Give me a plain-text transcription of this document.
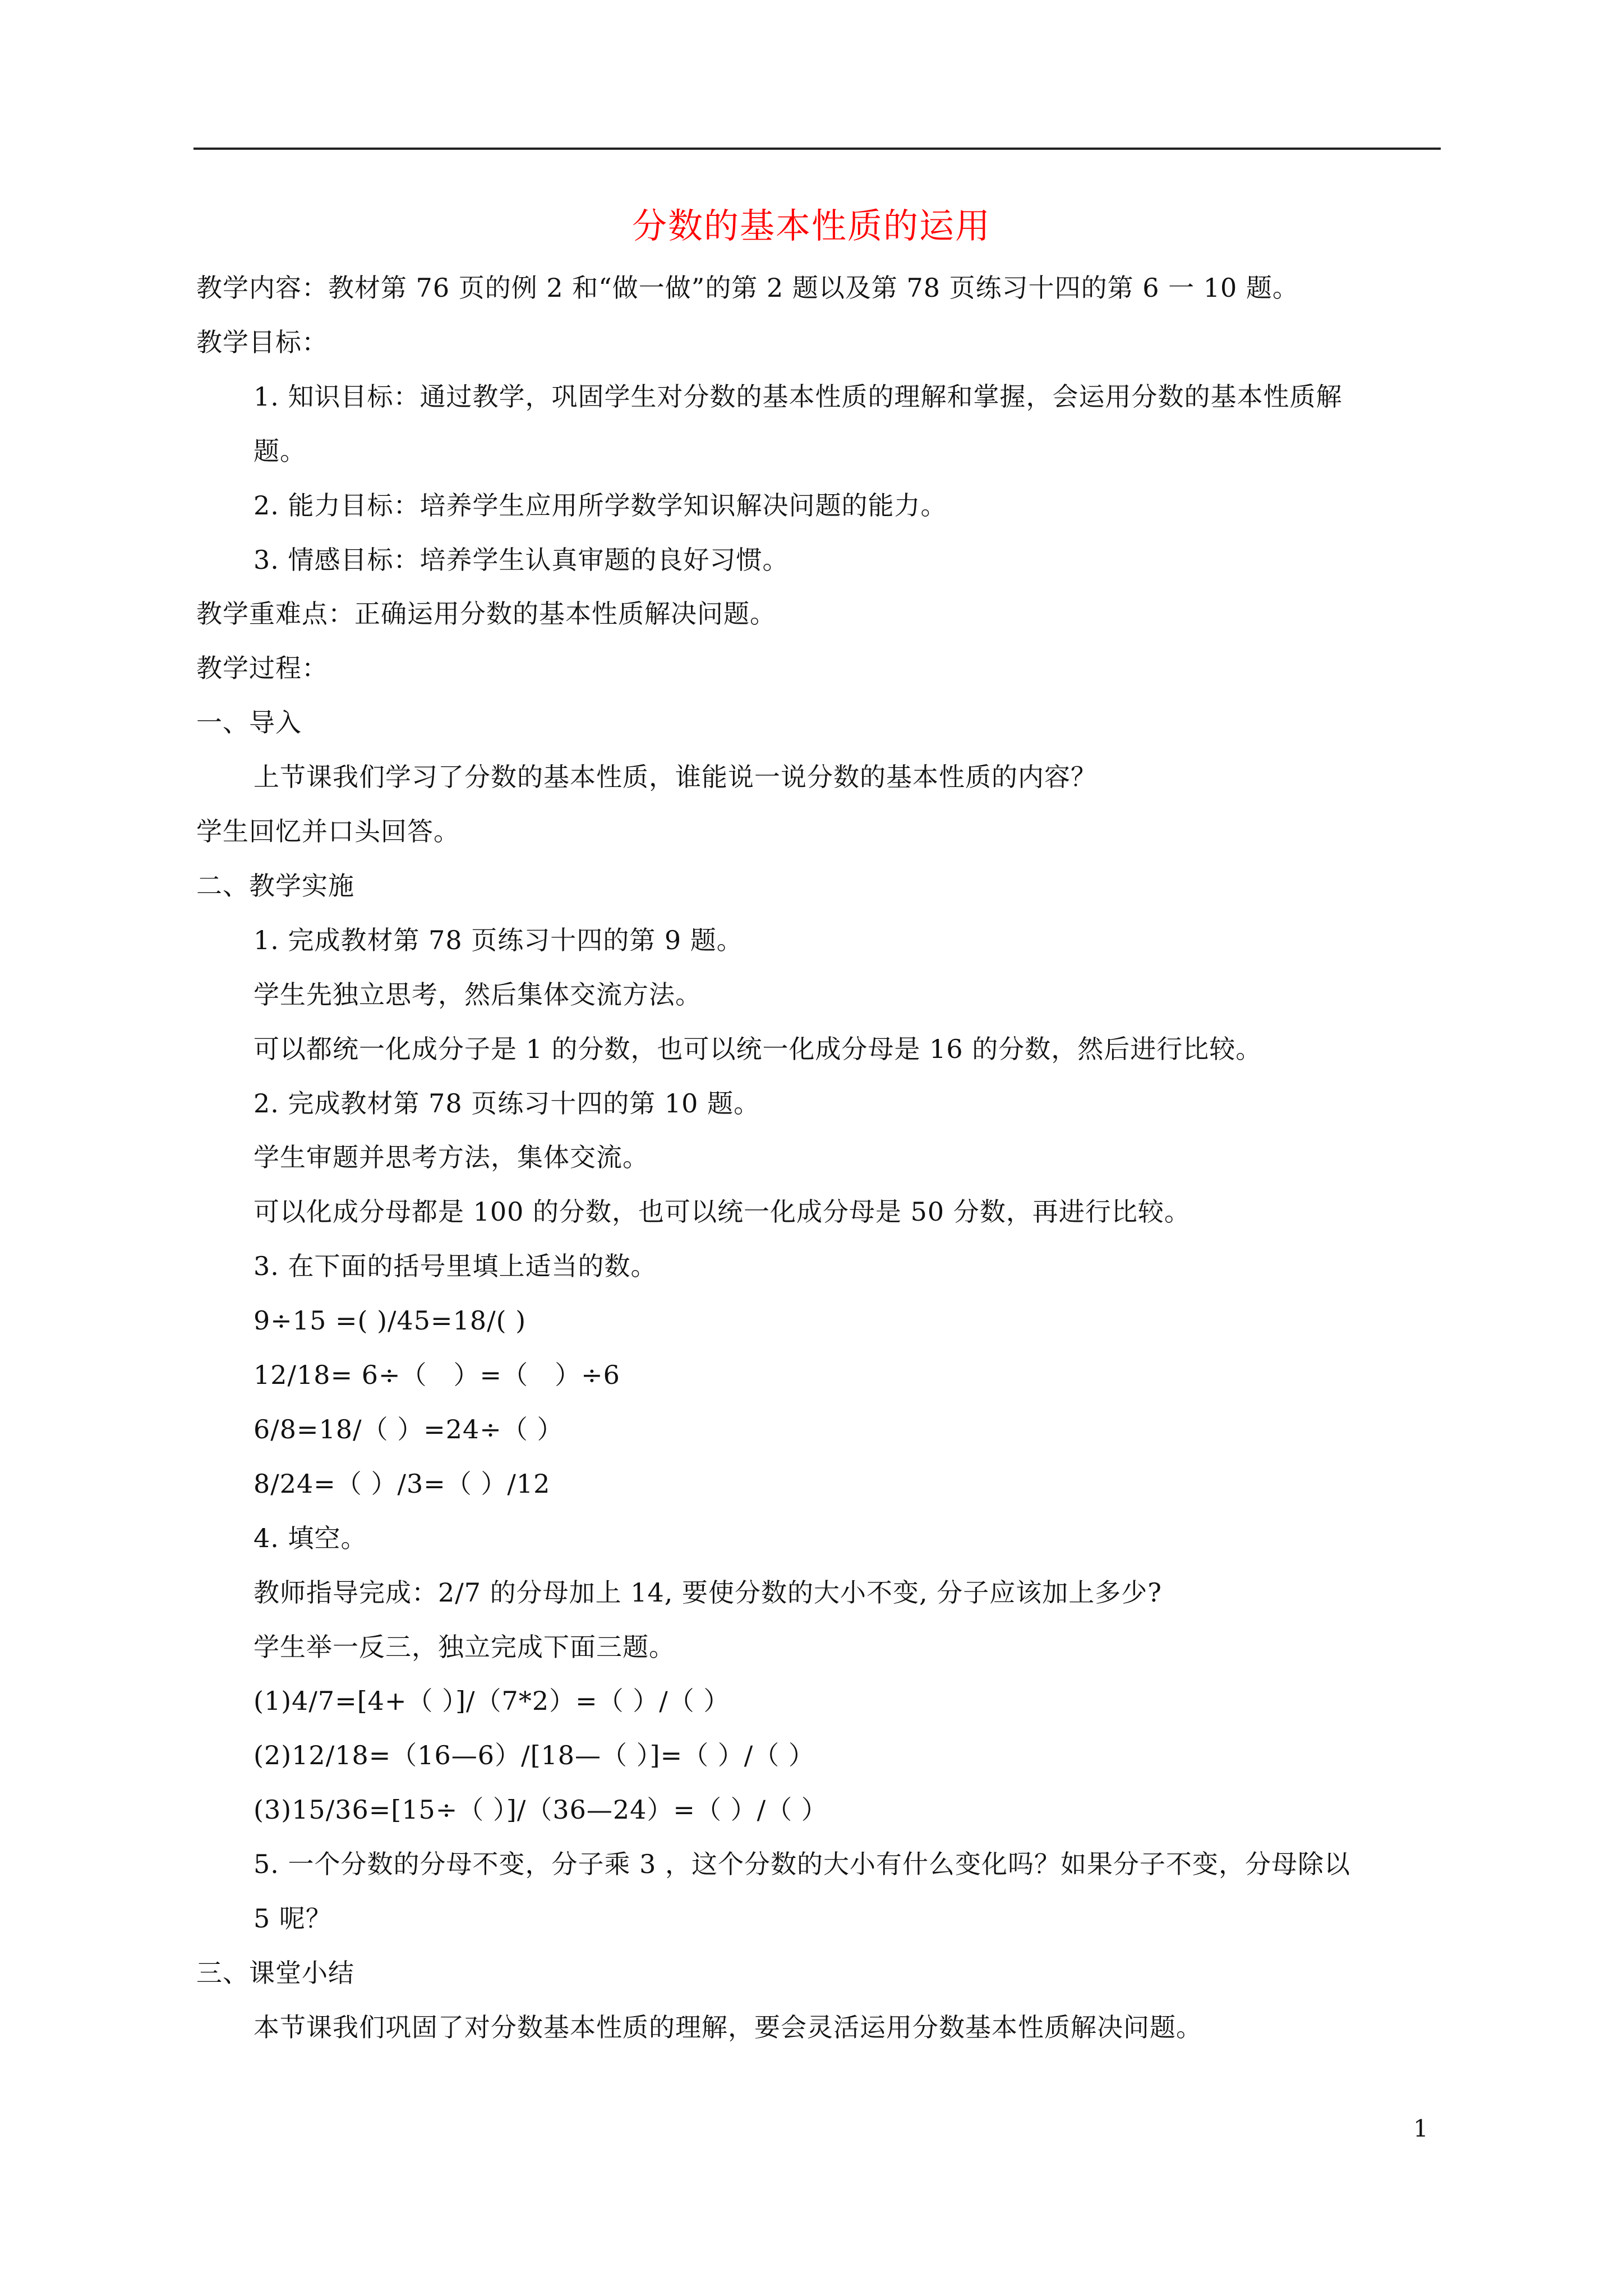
分数的基本性质的运用
教学内容：教材第 76 页的例 2 和“做一做”的第 2 题以及第 78 页练习十四的第 6 一 10 题。
教学目标：
1. 知识目标：通过教学，巩固学生对分数的基本性质的理解和掌握，会运用分数的基本性质解
题。
2. 能力目标：培养学生应用所学数学知识解决问题的能力。
3. 情感目标：培养学生认真审题的良好习惯。
教学重难点：正确运用分数的基本性质解决问题。
教学过程：
一、导入
上节课我们学习了分数的基本性质，谁能说一说分数的基本性质的内容？
学生回忆并口头回答。
二、教学实施
1. 完成教材第 78 页练习十四的第 9 题。
学生先独立思考，然后集体交流方法。
可以都统一化成分子是 1 的分数，也可以统一化成分母是 16 的分数，然后进行比较。
2. 完成教材第 78 页练习十四的第 10 题。
学生审题并思考方法，集体交流。
可以化成分母都是 100 的分数，也可以统一化成分母是 50 分数，再进行比较。
3. 在下面的括号里填上适当的数。
9÷15 =( )/45=18/( )
12/18= 6÷（　）=（　）÷6
6/8=18/（ ）=24÷（ ）
8/24=（ ）/3=（ ）/12
4. 填空。
教师指导完成：2/7 的分母加上 14, 要使分数的大小不变, 分子应该加上多少?
学生举一反三，独立完成下面三题。
(1)4/7=[4+（ ）]/（7*2）=（ ）/（ ）
(2)12/18=（16—6）/[18—（ ）]=（ ）/（ ）
(3)15/36=[15÷（ ）]/（36—24）=（ ）/（ ）
5. 一个分数的分母不变，分子乘 3 ，这个分数的大小有什么变化吗？如果分子不变，分母除以
5 呢？
三、课堂小结
本节课我们巩固了对分数基本性质的理解，要会灵活运用分数基本性质解决问题。
1
